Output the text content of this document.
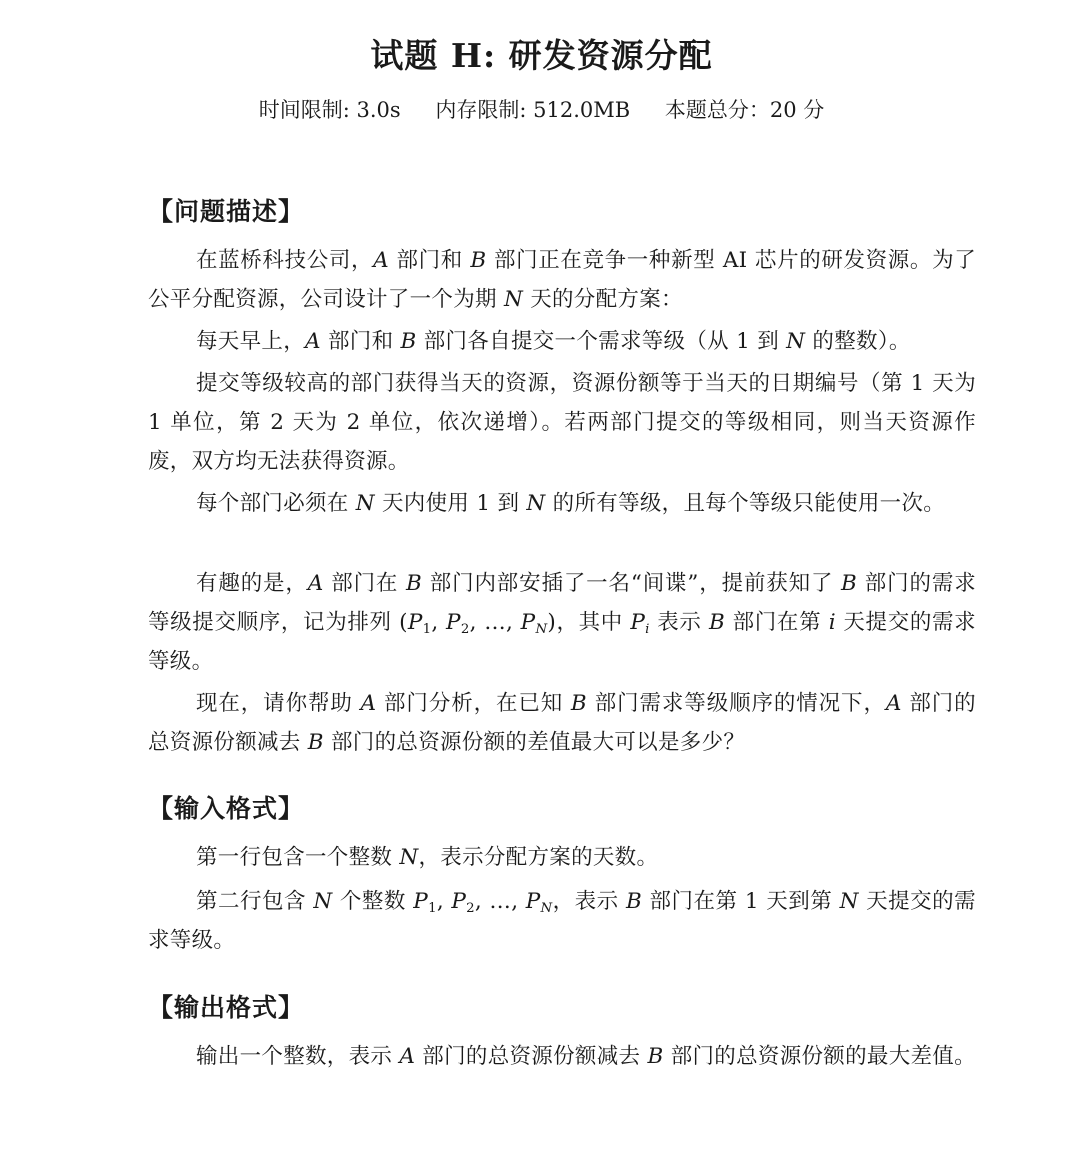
试题 H: 研发资源分配
时间限制: 3.0s 内存限制: 512.0MB 本题总分：20 分
【问题描述】
在蓝桥科技公司，A 部门和 B 部门正在竞争一种新型 AI 芯片的研发资源。为了公平分配资源，公司设计了一个为期 N 天的分配方案：
每天早上，A 部门和 B 部门各自提交一个需求等级（从 1 到 N 的整数）。
提交等级较高的部门获得当天的资源，资源份额等于当天的日期编号（第 1 天为 1 单位，第 2 天为 2 单位，依次递增）。若两部门提交的等级相同，则当天资源作废，双方均无法获得资源。
每个部门必须在 N 天内使用 1 到 N 的所有等级，且每个等级只能使用一次。
有趣的是，A 部门在 B 部门内部安插了一名“间谍”，提前获知了 B 部门的需求等级提交顺序，记为排列 ($P_1$, $P_2$, …, $P_N$)，其中 $P_i$ 表示 B 部门在第 i 天提交的需求等级。
现在，请你帮助 A 部门分析，在已知 B 部门需求等级顺序的情况下，A 部门的总资源份额减去 B 部门的总资源份额的差值最大可以是多少？
【输入格式】
第一行包含一个整数 N，表示分配方案的天数。
第二行包含 N 个整数 $P_1$, $P_2$, …, $P_N$，表示 B 部门在第 1 天到第 N 天提交的需求等级。
【输出格式】
输出一个整数，表示 A 部门的总资源份额减去 B 部门的总资源份额的最大差值。
